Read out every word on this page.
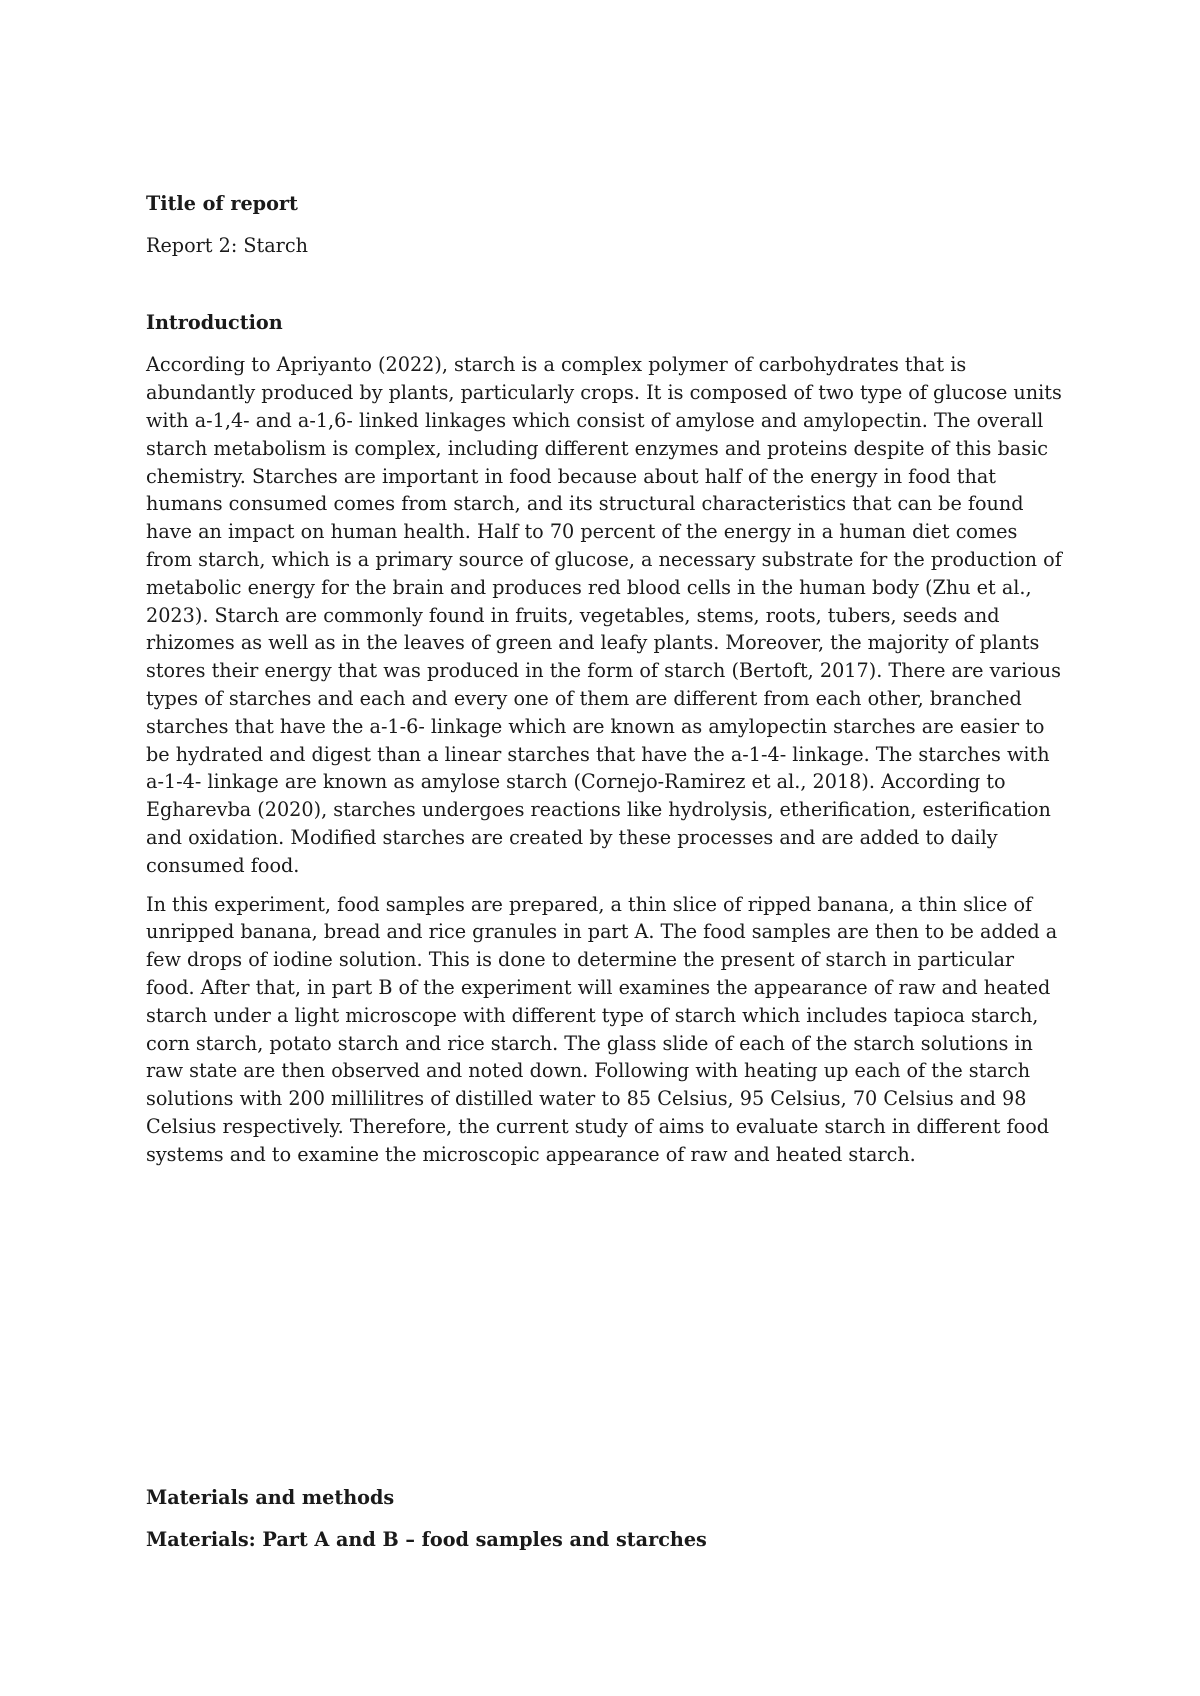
Title of report

Report 2: Starch

Introduction

According to Apriyanto (2022), starch is a complex polymer of carbohydrates that is abundantly produced by plants, particularly crops. It is composed of two type of glucose units with a-1,4- and a-1,6- linked linkages which consist of amylose and amylopectin. The overall starch metabolism is complex, including different enzymes and proteins despite of this basic chemistry. Starches are important in food because about half of the energy in food that humans consumed comes from starch, and its structural characteristics that can be found have an impact on human health. Half to 70 percent of the energy in a human diet comes from starch, which is a primary source of glucose, a necessary substrate for the production of metabolic energy for the brain and produces red blood cells in the human body (Zhu et al., 2023). Starch are commonly found in fruits, vegetables, stems, roots, tubers, seeds and rhizomes as well as in the leaves of green and leafy plants. Moreover, the majority of plants stores their energy that was produced in the form of starch (Bertoft, 2017). There are various types of starches and each and every one of them are different from each other, branched starches that have the a-1-6- linkage which are known as amylopectin starches are easier to be hydrated and digest than a linear starches that have the a-1-4- linkage. The starches with a-1-4- linkage are known as amylose starch (Cornejo-Ramirez et al., 2018). According to Egharevba (2020), starches undergoes reactions like hydrolysis, etherification, esterification and oxidation. Modified starches are created by these processes and are added to daily consumed food.

In this experiment, food samples are prepared, a thin slice of ripped banana, a thin slice of unripped banana, bread and rice granules in part A. The food samples are then to be added a few drops of iodine solution. This is done to determine the present of starch in particular food. After that, in part B of the experiment will examines the appearance of raw and heated starch under a light microscope with different type of starch which includes tapioca starch, corn starch, potato starch and rice starch. The glass slide of each of the starch solutions in raw state are then observed and noted down. Following with heating up each of the starch solutions with 200 millilitres of distilled water to 85 Celsius, 95 Celsius, 70 Celsius and 98 Celsius respectively. Therefore, the current study of aims to evaluate starch in different food systems and to examine the microscopic appearance of raw and heated starch.

Materials and methods

Materials: Part A and B – food samples and starches
